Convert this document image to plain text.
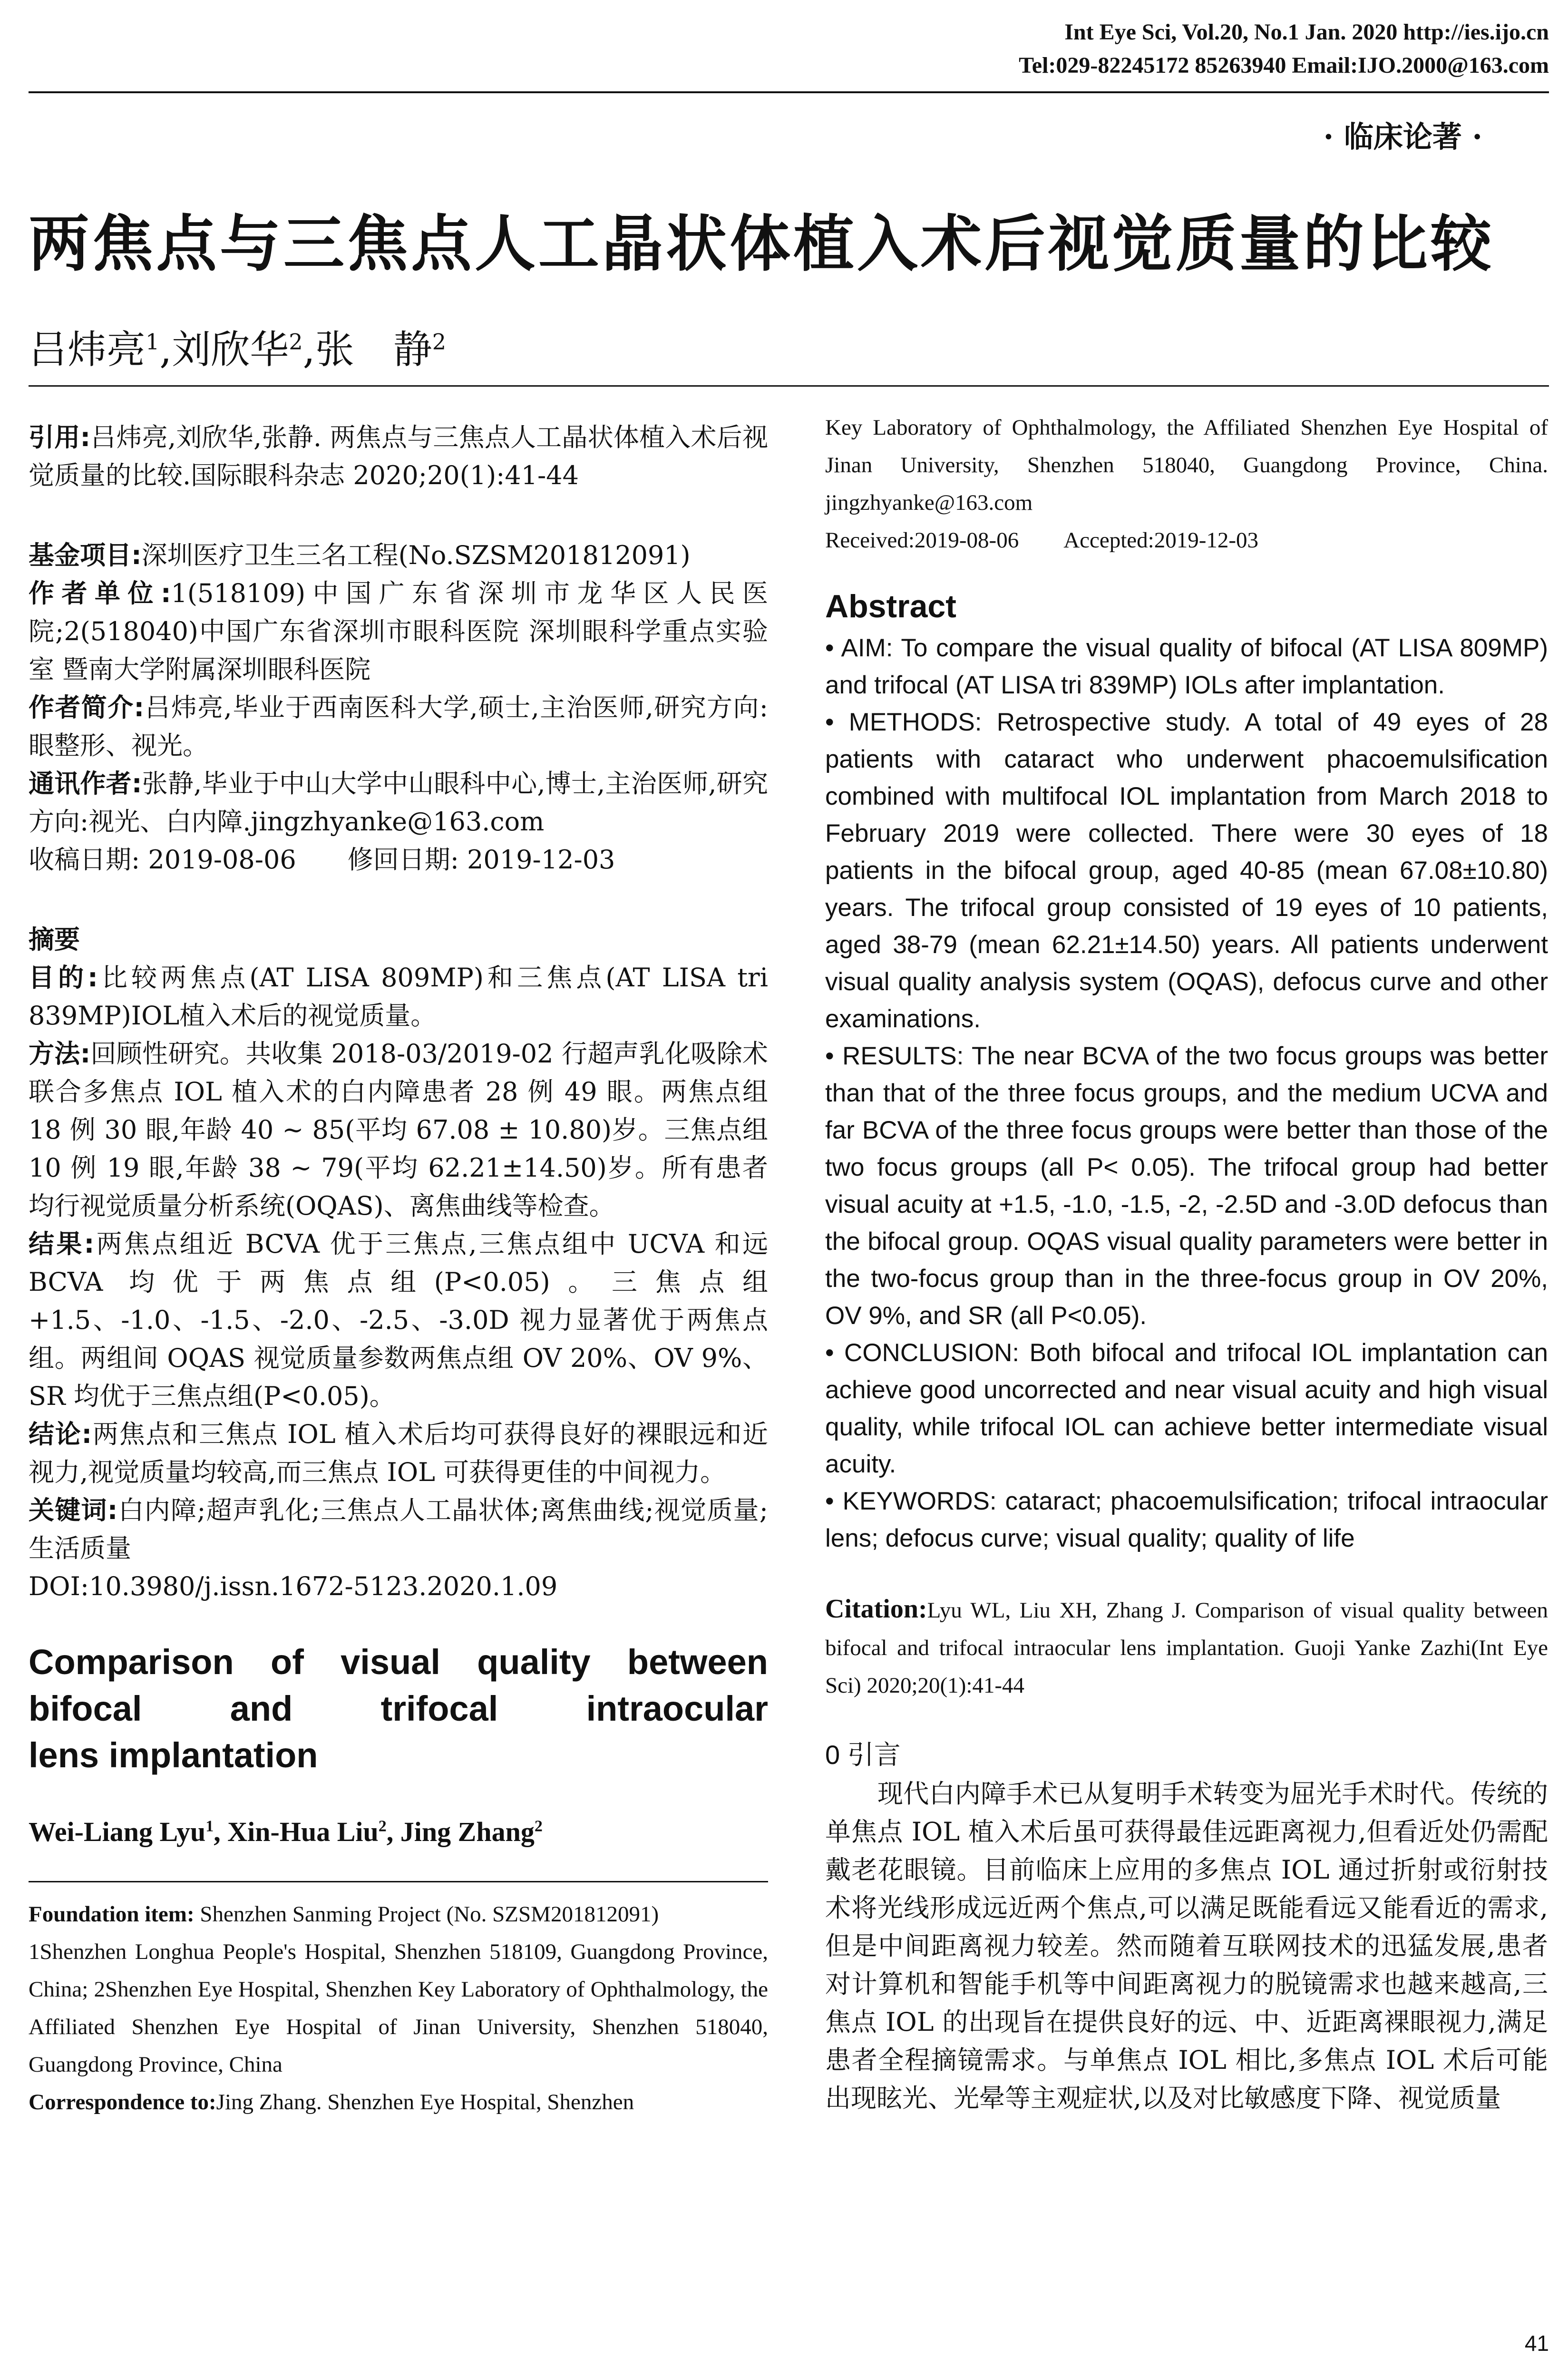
Int Eye Sci, Vol.20, No.1 Jan. 2020 http://ies.ijo.cn
Tel:029-82245172 85263940 Email:IJO.2000@163.com
· 临床论著 ·
两焦点与三焦点人工晶状体植入术后视觉质量的比较
吕炜亮$^1$,刘欣华$^2$,张　静$^2$

引用:吕炜亮,刘欣华,张静. 两焦点与三焦点人工晶状体植入术后视觉质量的比较.国际眼科杂志 2020;20(1):41-44

基金项目:深圳医疗卫生三名工程(No.SZSM201812091)

作者单位:1(518109)中国广东省深圳市龙华区人民医院;2(518040)中国广东省深圳市眼科医院 深圳眼科学重点实验室 暨南大学附属深圳眼科医院

作者简介:吕炜亮,毕业于西南医科大学,硕士,主治医师,研究方向:眼整形、视光。

通讯作者:张静,毕业于中山大学中山眼科中心,博士,主治医师,研究方向:视光、白内障.jingzhyanke@163.com

收稿日期: 2019-08-06　　修回日期: 2019-12-03

摘要

目的:比较两焦点(AT LISA 809MP)和三焦点(AT LISA tri 839MP)IOL植入术后的视觉质量。

方法:回顾性研究。共收集 2018-03/2019-02 行超声乳化吸除术联合多焦点 IOL 植入术的白内障患者 28 例 49 眼。两焦点组 18 例 30 眼,年龄 40 ~ 85(平均 67.08 ± 10.80)岁。三焦点组 10 例 19 眼,年龄 38 ~ 79(平均 62.21±14.50)岁。所有患者均行视觉质量分析系统(OQAS)、离焦曲线等检查。

结果:两焦点组近 BCVA 优于三焦点,三焦点组中 UCVA 和远 BCVA 均优于两焦点组(P<0.05)。三焦点组+1.5、-1.0、-1.5、-2.0、-2.5、-3.0D 视力显著优于两焦点组。两组间 OQAS 视觉质量参数两焦点组 OV 20%、OV 9%、SR 均优于三焦点组(P<0.05)。

结论:两焦点和三焦点 IOL 植入术后均可获得良好的裸眼远和近视力,视觉质量均较高,而三焦点 IOL 可获得更佳的中间视力。

关键词:白内障;超声乳化;三焦点人工晶状体;离焦曲线;视觉质量;生活质量

DOI:10.3980/j.issn.1672-5123.2020.1.09

Comparison of visual quality between

bifocal and trifocal intraocular

lens implantation

Wei-Liang Lyu$^1$, Xin-Hua Liu$^2$, Jing Zhang$^2$

Foundation item: Shenzhen Sanming Project (No. SZSM201812091)

1Shenzhen Longhua People's Hospital, Shenzhen 518109, Guangdong Province, China; 2Shenzhen Eye Hospital, Shenzhen Key Laboratory of Ophthalmology, the Affiliated Shenzhen Eye Hospital of Jinan University, Shenzhen 518040, Guangdong Province, China

Correspondence to:Jing Zhang. Shenzhen Eye Hospital, Shenzhen

Key Laboratory of Ophthalmology, the Affiliated Shenzhen Eye Hospital of Jinan University, Shenzhen 518040, Guangdong Province, China. jingzhyanke@163.com

Received:2019-08-06　　Accepted:2019-12-03

Abstract

• AIM: To compare the visual quality of bifocal (AT LISA 809MP) and trifocal (AT LISA tri 839MP) IOLs after implantation.

• METHODS: Retrospective study. A total of 49 eyes of 28 patients with cataract who underwent phacoemulsification combined with multifocal IOL implantation from March 2018 to February 2019 were collected. There were 30 eyes of 18 patients in the bifocal group, aged 40-85 (mean 67.08±10.80) years. The trifocal group consisted of 19 eyes of 10 patients, aged 38-79 (mean 62.21±14.50) years. All patients underwent visual quality analysis system (OQAS), defocus curve and other examinations.

• RESULTS: The near BCVA of the two focus groups was better than that of the three focus groups, and the medium UCVA and far BCVA of the three focus groups were better than those of the two focus groups (all P< 0.05). The trifocal group had better visual acuity at +1.5, -1.0, -1.5, -2, -2.5D and -3.0D defocus than the bifocal group. OQAS visual quality parameters were better in the two-focus group than in the three-focus group in OV 20%, OV 9%, and SR (all P<0.05).

• CONCLUSION: Both bifocal and trifocal IOL implantation can achieve good uncorrected and near visual acuity and high visual quality, while trifocal IOL can achieve better intermediate visual acuity.

• KEYWORDS: cataract; phacoemulsification; trifocal intraocular lens; defocus curve; visual quality; quality of life

Citation:Lyu WL, Liu XH, Zhang J. Comparison of visual quality between bifocal and trifocal intraocular lens implantation. Guoji Yanke Zazhi(Int Eye Sci) 2020;20(1):41-44

0 引言

现代白内障手术已从复明手术转变为屈光手术时代。传统的单焦点 IOL 植入术后虽可获得最佳远距离视力,但看近处仍需配戴老花眼镜。目前临床上应用的多焦点 IOL 通过折射或衍射技术将光线形成远近两个焦点,可以满足既能看远又能看近的需求,但是中间距离视力较差。然而随着互联网技术的迅猛发展,患者对计算机和智能手机等中间距离视力的脱镜需求也越来越高,三焦点 IOL 的出现旨在提供良好的远、中、近距离裸眼视力,满足患者全程摘镜需求。与单焦点 IOL 相比,多焦点 IOL 术后可能出现眩光、光晕等主观症状,以及对比敏感度下降、视觉质量

41
